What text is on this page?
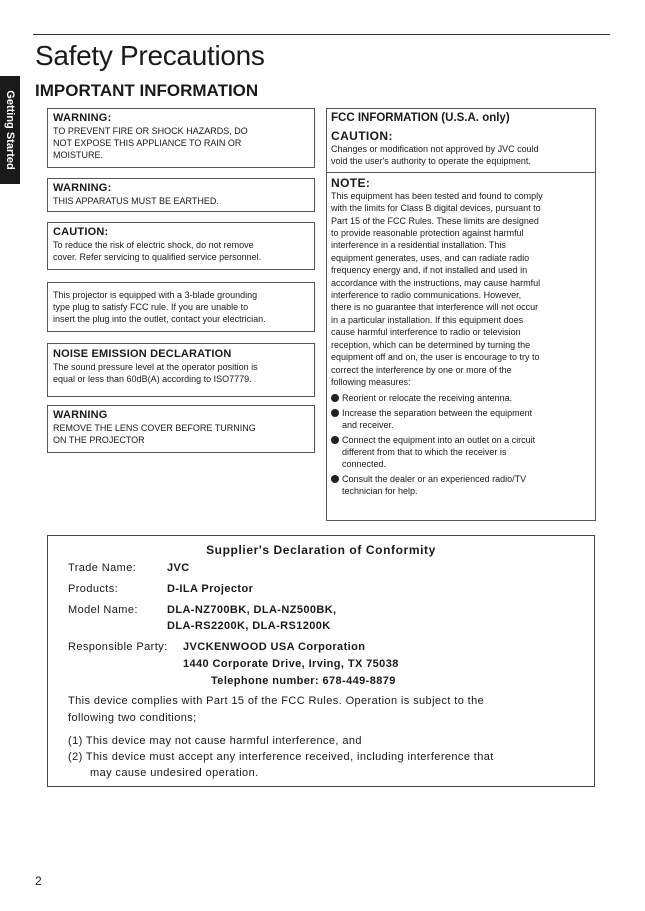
Safety Precautions
Getting Started IMPORTANT INFORMATION
WARNING:
TO PREVENT FIRE OR SHOCK HAZARDS, DO
NOT EXPOSE THIS APPLIANCE TO RAIN OR
MOISTURE.
WARNING:
THIS APPARATUS MUST BE EARTHED.
CAUTION:
To reduce the risk of electric shock, do not remove
cover. Refer servicing to qualified service personnel.
This projector is equipped with a 3-blade grounding
type plug to satisfy FCC rule. If you are unable to
insert the plug into the outlet, contact your electrician.
NOISE EMISSION DECLARATION
The sound pressure level at the operator position is
equal or less than 60dB(A) according to ISO7779.
WARNING
REMOVE THE LENS COVER BEFORE TURNING
ON THE PROJECTOR
FCC INFORMATION (U.S.A. only)
CAUTION:
Changes or modification not approved by JVC could
void the user's authority to operate the equipment.
NOTE:
This equipment has been tested and found to comply
with the limits for Class B digital devices, pursuant to
Part 15 of the FCC Rules. These limits are designed
to provide reasonable protection against harmful
interference in a residential installation. This
equipment generates, uses, and can radiate radio
frequency energy and, if not installed and used in
accordance with the instructions, may cause harmful
interference to radio communications. However,
there is no guarantee that interference will not occur
in a particular installation. If this equipment does
cause harmful interference to radio or television
reception, which can be determined by turning the
equipment off and on, the user is encourage to try to
correct the interference by one or more of the
following measures:
Reorient or relocate the receiving antenna.
Increase the separation between the equipment
and receiver.
Connect the equipment into an outlet on a circuit
different from that to which the receiver is
connected.
Consult the dealer or an experienced radio/TV
technician for help.
Supplier's Declaration of Conformity
Trade Name:	JVC
Products:	D-ILA Projector
Model Name:	DLA-NZ700BK, DLA-NZ500BK,
DLA-RS2200K, DLA-RS1200K
Responsible Party: JVCKENWOOD USA Corporation
1440 Corporate Drive, Irving, TX 75038
Telephone number: 678-449-8879
This device complies with Part 15 of the FCC Rules. Operation is subject to the
following two conditions;
(1) This device may not cause harmful interference, and
(2) This device must accept any interference received, including interference that
may cause undesired operation.
2
